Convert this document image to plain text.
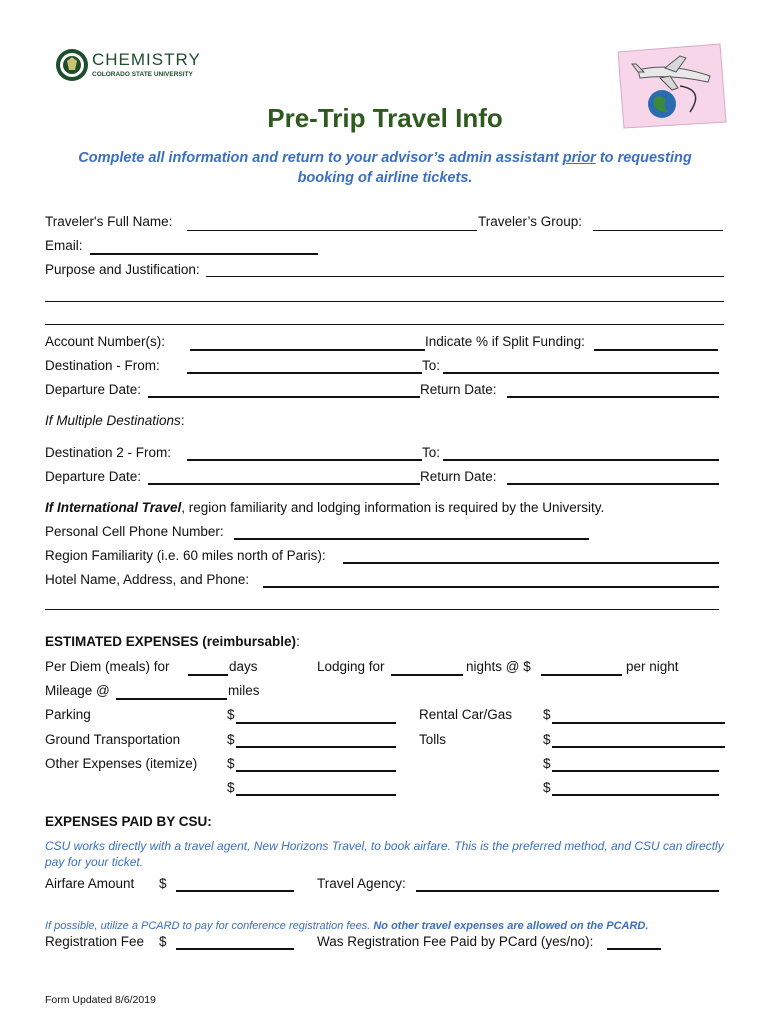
CHEMISTRY
COLORADO STATE UNIVERSITY
Pre-Trip Travel Info
Complete all information and return to your advisor’s admin assistant prior to requesting booking of airline tickets.
Traveler's Full Name:	Traveler’s Group:
Email:
Purpose and Justification:
Account Number(s):	Indicate % if Split Funding:
Destination - From:	To:
Departure Date:	Return Date:
If Multiple Destinations:
Destination 2 - From:	To:
Departure Date:	Return Date:
If International Travel, region familiarity and lodging information is required by the University.
Personal Cell Phone Number:
Region Familiarity (i.e. 60 miles north of Paris):
Hotel Name, Address, and Phone:
ESTIMATED EXPENSES (reimbursable):
Per Diem (meals) for	days	Lodging for	nights @ $	per night
Mileage @	miles
Parking	$	Rental Car/Gas $
Ground Transportation	$	Tolls	$
Other Expenses (itemize) $	$
$	$
EXPENSES PAID BY CSU:
CSU works directly with a travel agent, New Horizons Travel, to book airfare. This is the preferred method, and CSU can directly pay for your ticket.
Airfare Amount $	Travel Agency:
If possible, utilize a PCARD to pay for conference registration fees. No other travel expenses are allowed on the PCARD.
Registration Fee $	Was Registration Fee Paid by PCard (yes/no):
Form Updated 8/6/2019
